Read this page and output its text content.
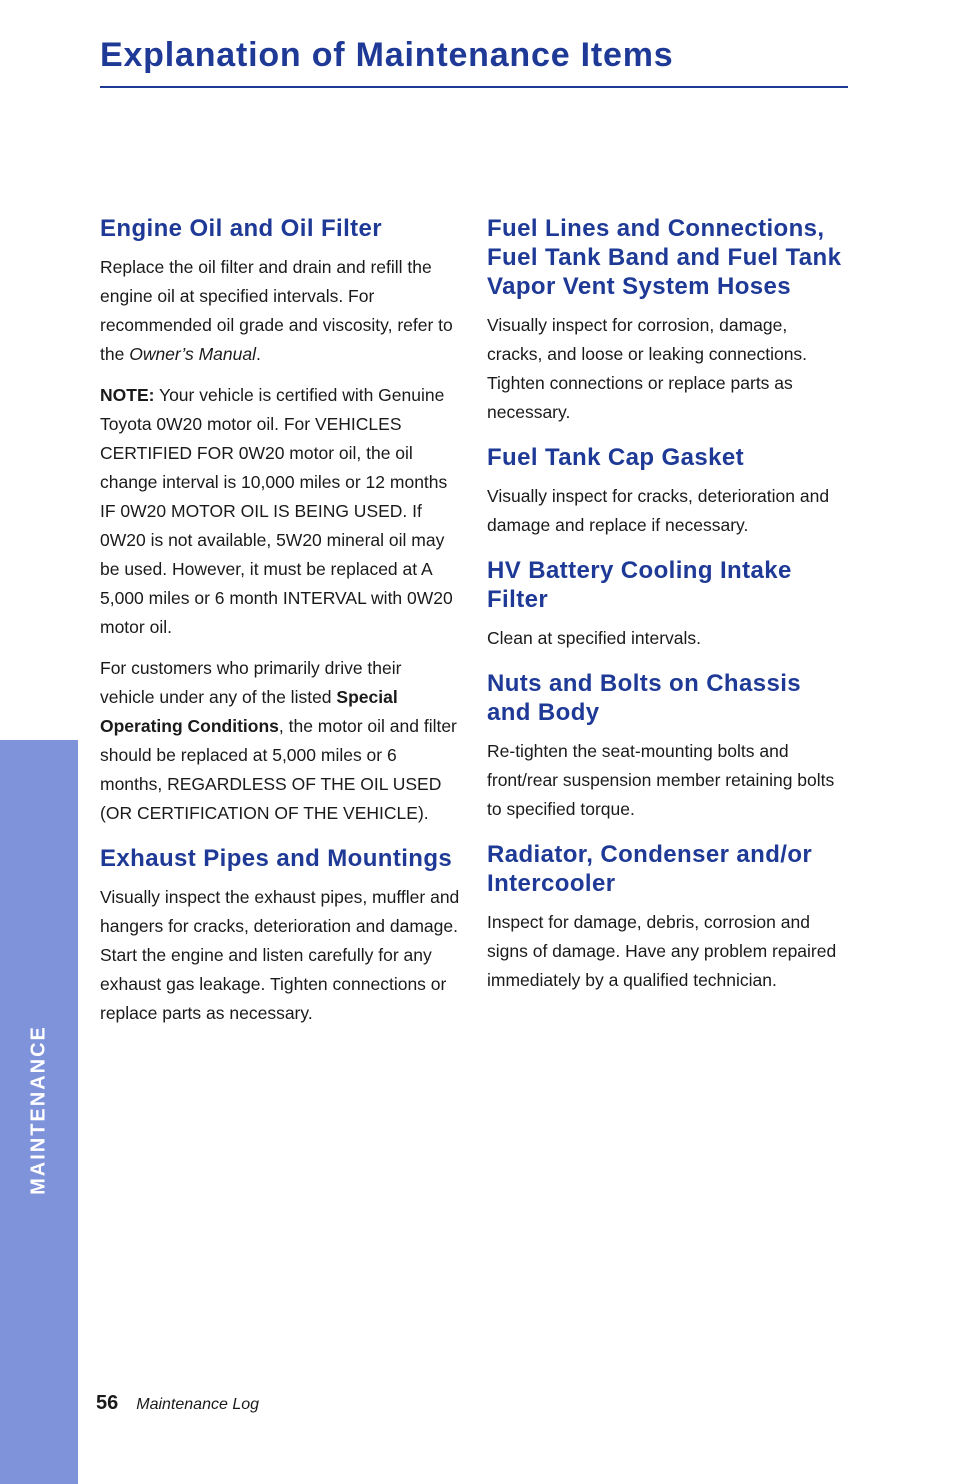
Explanation of Maintenance Items
Engine Oil and Oil Filter

Replace the oil filter and drain and refill the engine oil at specified intervals. For recommended oil grade and viscosity, refer to the Owner’s Manual.

NOTE: Your vehicle is certified with Genuine Toyota 0W20 motor oil. For VEHICLES CERTIFIED FOR 0W20 motor oil, the oil change interval is 10,000 miles or 12 months IF 0W20 MOTOR OIL IS BEING USED. If 0W20 is not available, 5W20 mineral oil may be used. However, it must be replaced at A 5,000 miles or 6 month INTERVAL with 0W20 motor oil.

For customers who primarily drive their vehicle under any of the listed Special Operating Conditions, the motor oil and filter should be replaced at 5,000 miles or 6 months, REGARDLESS OF THE OIL USED (OR CERTIFICATION OF THE VEHICLE).

Exhaust Pipes and Mountings

Visually inspect the exhaust pipes, muffler and hangers for cracks, deterioration and damage. Start the engine and listen carefully for any exhaust gas leakage. Tighten connections or replace parts as necessary.

Fuel Lines and Connections, Fuel Tank Band and Fuel Tank Vapor Vent System Hoses

Visually inspect for corrosion, damage, cracks, and loose or leaking connections. Tighten connections or replace parts as necessary.

Fuel Tank Cap Gasket

Visually inspect for cracks, deterioration and damage and replace if necessary.

HV Battery Cooling Intake Filter

Clean at specified intervals.

Nuts and Bolts on Chassis and Body

Re-tighten the seat-mounting bolts and front/rear suspension member retaining bolts to specified torque.

Radiator, Condenser and/or Intercooler

Inspect for damage, debris, corrosion and signs of damage. Have any problem repaired immediately by a qualified technician.

MAINTENANCE
56 Maintenance Log
